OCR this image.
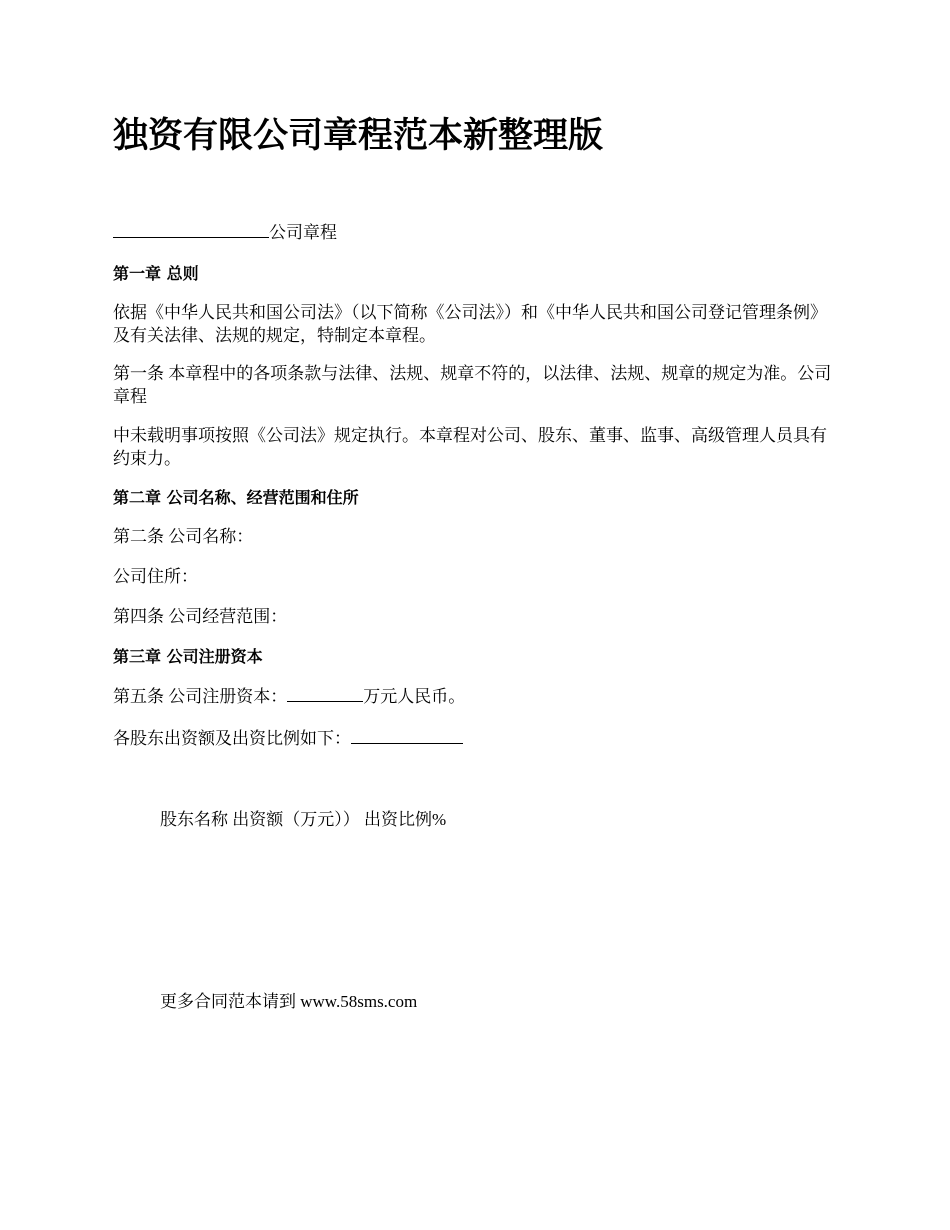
独资有限公司章程范本新整理版

公司章程

第一章 总则

依据《中华人民共和国公司法》（以下简称《公司法》）和《中华人民共和国公司登记管理条例》及有关法律、法规的规定，特制定本章程。

第一条 本章程中的各项条款与法律、法规、规章不符的，以法律、法规、规章的规定为准。公司章程

中未载明事项按照《公司法》规定执行。本章程对公司、股东、董事、监事、高级管理人员具有约束力。

第二章 公司名称、经营范围和住所

第二条 公司名称：

公司住所：

第四条 公司经营范围：

第三章 公司注册资本

第五条 公司注册资本：	万元人民币。

各股东出资额及出资比例如下：

股东名称 出资额（万元）） 出资比例%

更多合同范本请到 www.58sms.com
